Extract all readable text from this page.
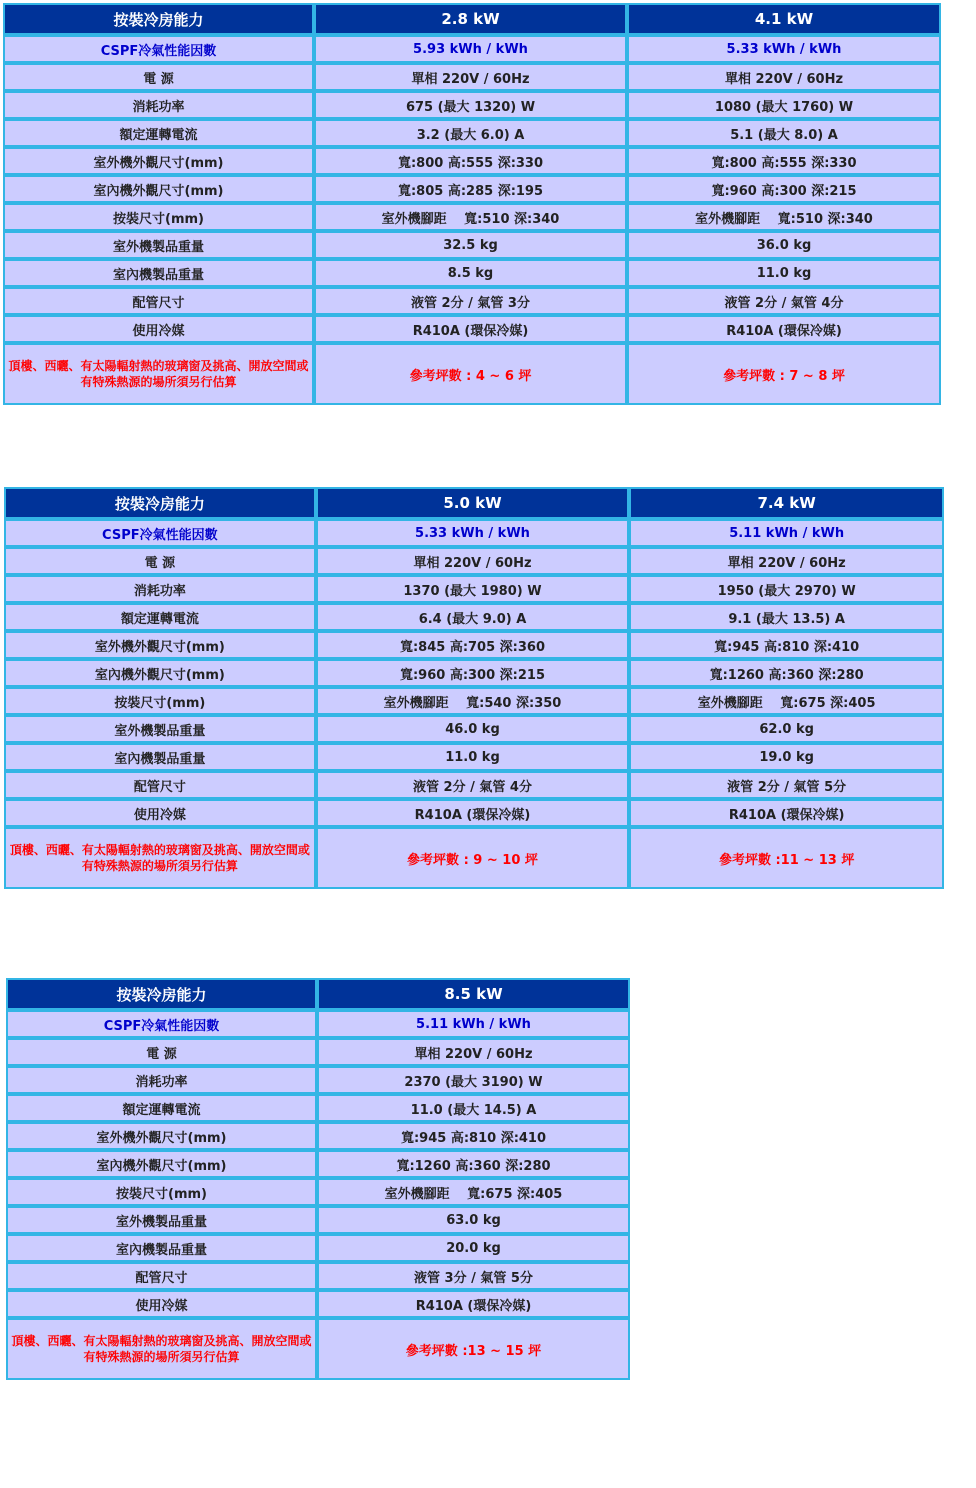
按裝冷房能力	2.8 kW	4.1 kW
CSPF冷氣性能因數	5.93 kWh / kWh	5.33 kWh / kWh
電 源	單相 220V / 60Hz	單相 220V / 60Hz
消耗功率	675 (最大 1320) W	1080 (最大 1760) W
額定運轉電流	3.2 (最大 6.0) A	5.1 (最大 8.0) A
室外機外觀尺寸(mm)	寬:800 高:555 深:330	寬:800 高:555 深:330
室內機外觀尺寸(mm)	寬:805 高:285 深:195	寬:960 高:300 深:215
按裝尺寸(mm)	室外機腳距　 寬:510 深:340	室外機腳距　 寬:510 深:340
室外機製品重量	32.5 kg	36.0 kg
室內機製品重量	8.5 kg	11.0 kg
配管尺寸	液管 2分 / 氣管 3分	液管 2分 / 氣管 4分
使用冷媒	R410A (環保冷媒)	R410A (環保冷媒)
頂樓、西曬、有太陽輻射熱的玻璃窗及挑高、開放空間或有特殊熱源的場所須另行估算	參考坪數 : 4 ~ 6 坪	參考坪數 : 7 ~ 8 坪
按裝冷房能力	5.0 kW	7.4 kW
CSPF冷氣性能因數	5.33 kWh / kWh	5.11 kWh / kWh
電 源	單相 220V / 60Hz	單相 220V / 60Hz
消耗功率	1370 (最大 1980) W	1950 (最大 2970) W
額定運轉電流	6.4 (最大 9.0) A	9.1 (最大 13.5) A
室外機外觀尺寸(mm)	寬:845 高:705 深:360	寬:945 高:810 深:410
室內機外觀尺寸(mm)	寬:960 高:300 深:215	寬:1260 高:360 深:280
按裝尺寸(mm)	室外機腳距　 寬:540 深:350	室外機腳距　 寬:675 深:405
室外機製品重量	46.0 kg	62.0 kg
室內機製品重量	11.0 kg	19.0 kg
配管尺寸	液管 2分 / 氣管 4分	液管 2分 / 氣管 5分
使用冷媒	R410A (環保冷媒)	R410A (環保冷媒)
頂樓、西曬、有太陽輻射熱的玻璃窗及挑高、開放空間或有特殊熱源的場所須另行估算	參考坪數 : 9 ~ 10 坪	參考坪數 :11 ~ 13 坪
按裝冷房能力	8.5 kW
CSPF冷氣性能因數	5.11 kWh / kWh
電 源	單相 220V / 60Hz
消耗功率	2370 (最大 3190) W
額定運轉電流	11.0 (最大 14.5) A
室外機外觀尺寸(mm)	寬:945 高:810 深:410
室內機外觀尺寸(mm)	寬:1260 高:360 深:280
按裝尺寸(mm)	室外機腳距　 寬:675 深:405
室外機製品重量	63.0 kg
室內機製品重量	20.0 kg
配管尺寸	液管 3分 / 氣管 5分
使用冷媒	R410A (環保冷媒)
頂樓、西曬、有太陽輻射熱的玻璃窗及挑高、開放空間或有特殊熱源的場所須另行估算	參考坪數 :13 ~ 15 坪
